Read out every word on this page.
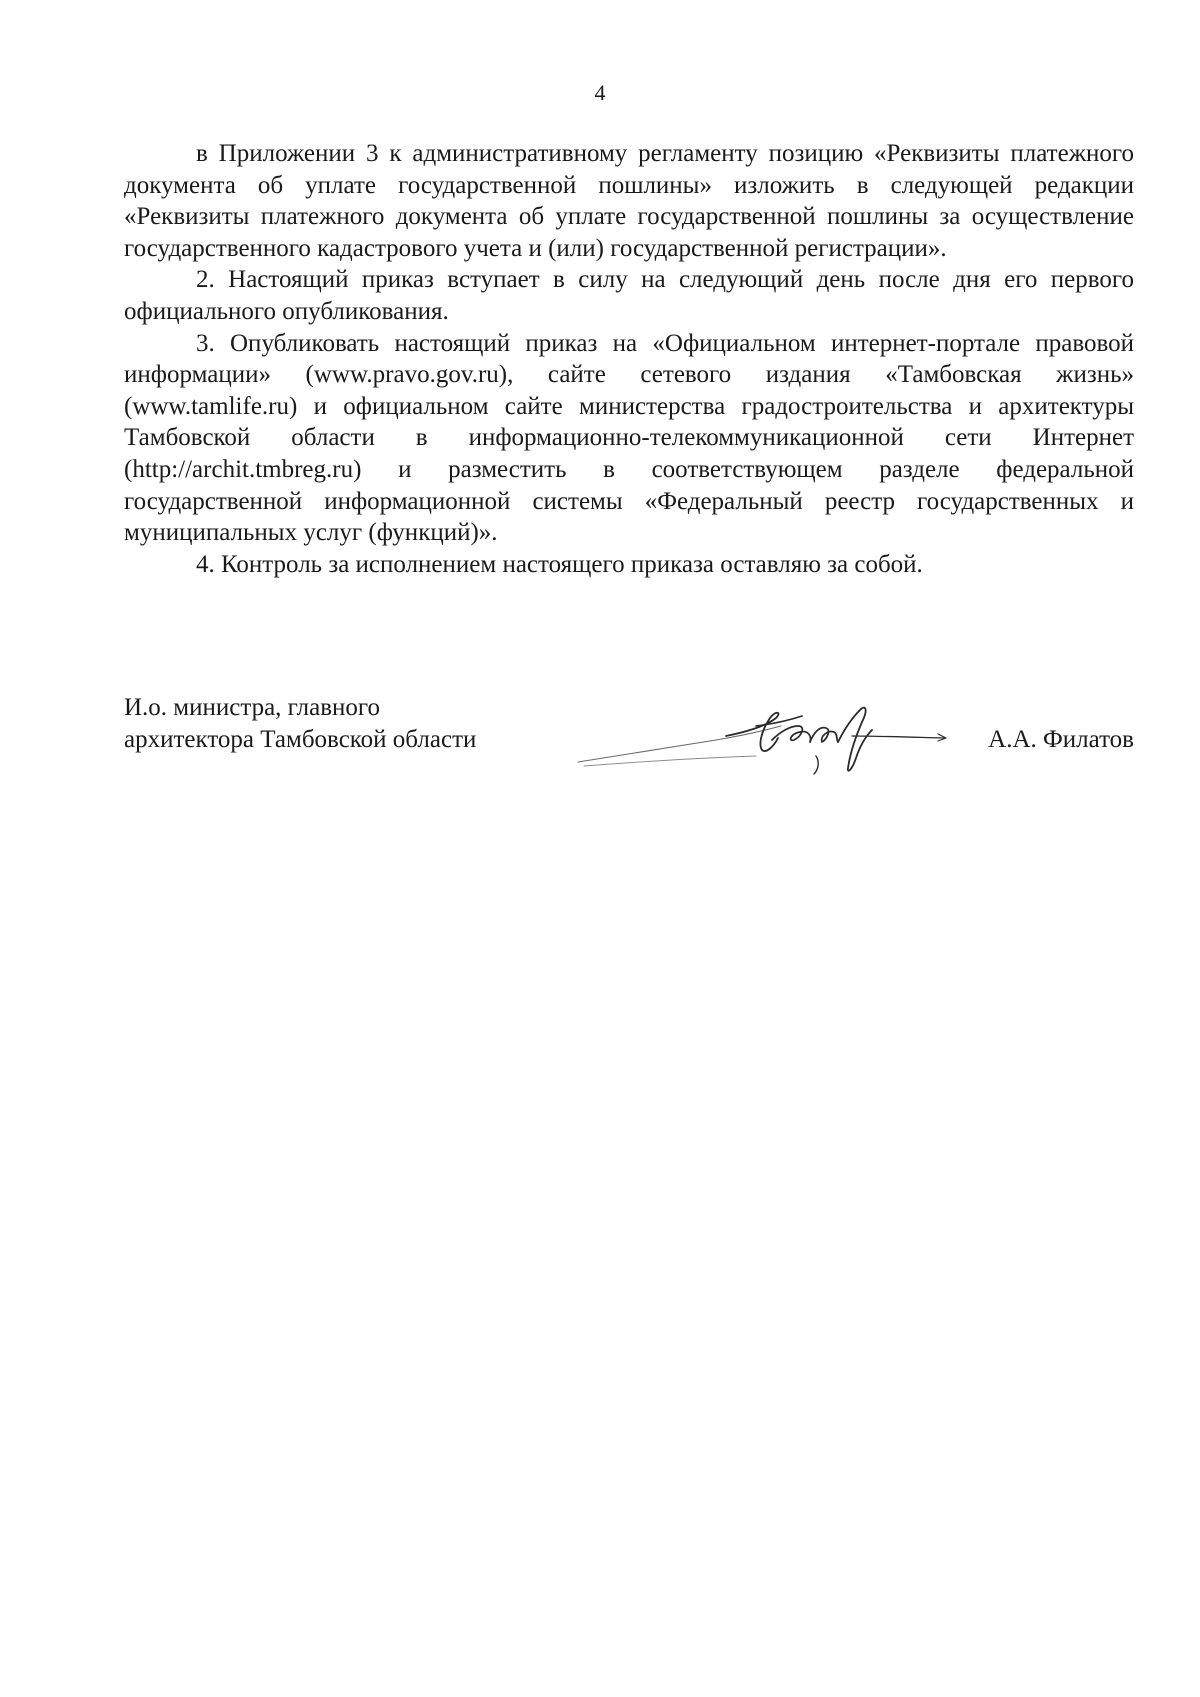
4

в Приложении 3 к административному регламенту позицию «Реквизиты платежного документа об уплате государственной пошлины» изложить в следующей редакции «Реквизиты платежного документа об уплате государственной пошлины за осуществление государственного кадастрового учета и (или) государственной регистрации».

2. Настоящий приказ вступает в силу на следующий день после дня его первого официального опубликования.

3. Опубликовать настоящий приказ на «Официальном интернет-портале правовой информации» (www.pravo.gov.ru), сайте сетевого издания «Тамбовская жизнь» (www.tamlife.ru) и официальном сайте министерства градостроительства и архитектуры Тамбовской области в информационно-телекоммуникационной сети Интернет (http://archit.tmbreg.ru) и разместить в соответствующем разделе федеральной государственной информационной системы «Федеральный реестр государственных и муниципальных услуг (функций)».

4. Контроль за исполнением настоящего приказа оставляю за собой.

И.о. министра, главного
архитектора Тамбовской области	А.А. Филатов
